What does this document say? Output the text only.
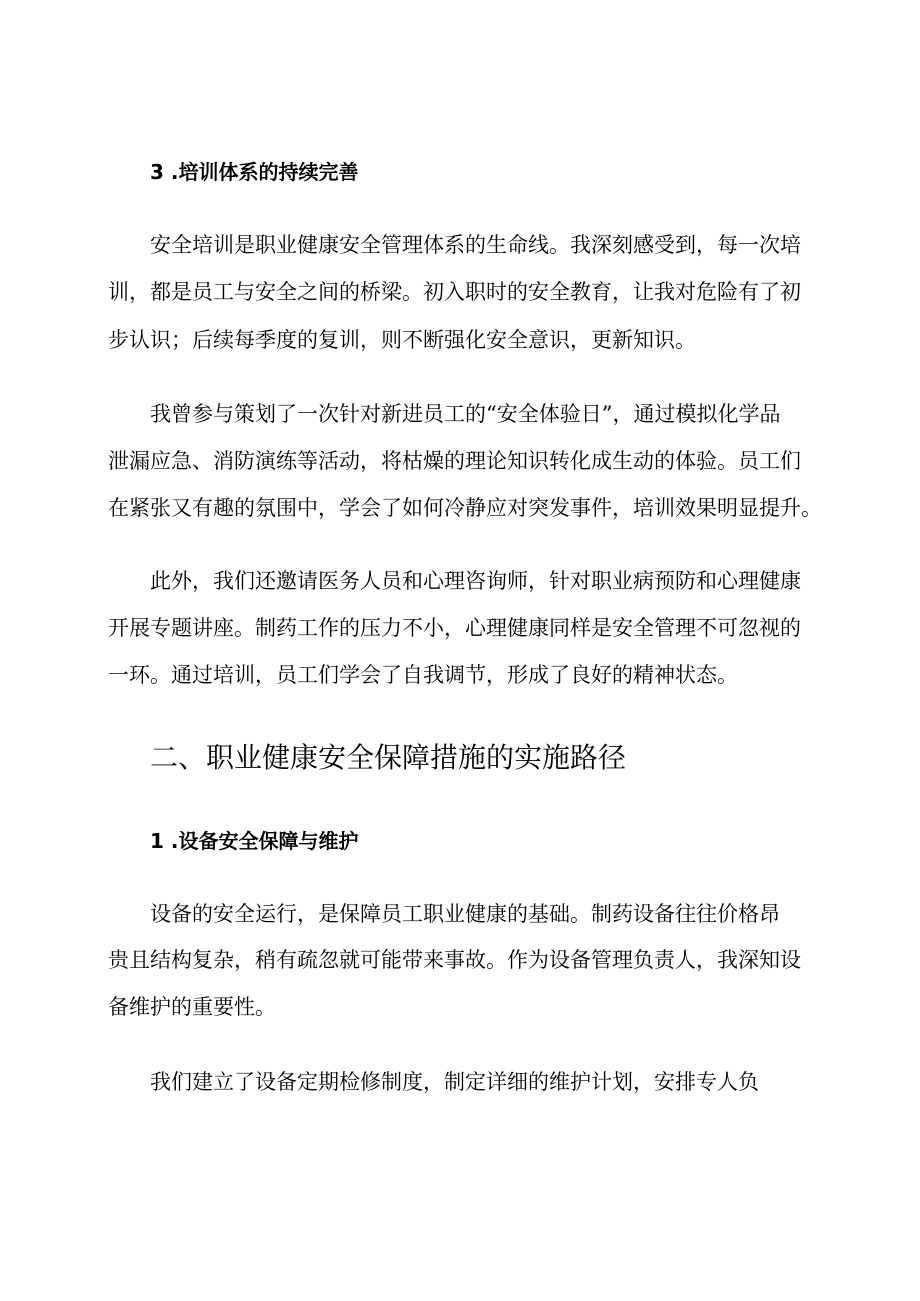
3 .培训体系的持续完善
安全培训是职业健康安全管理体系的生命线。我深刻感受到，每一次培
训，都是员工与安全之间的桥梁。初入职时的安全教育，让我对危险有了初
步认识；后续每季度的复训，则不断强化安全意识，更新知识。
我曾参与策划了一次针对新进员工的“安全体验日”，通过模拟化学品
泄漏应急、消防演练等活动，将枯燥的理论知识转化成生动的体验。员工们
在紧张又有趣的氛围中，学会了如何冷静应对突发事件，培训效果明显提升。
此外，我们还邀请医务人员和心理咨询师，针对职业病预防和心理健康
开展专题讲座。制药工作的压力不小，心理健康同样是安全管理不可忽视的
一环。通过培训，员工们学会了自我调节，形成了良好的精神状态。
二、职业健康安全保障措施的实施路径
1 .设备安全保障与维护
设备的安全运行，是保障员工职业健康的基础。制药设备往往价格昂
贵且结构复杂，稍有疏忽就可能带来事故。作为设备管理负责人，我深知设
备维护的重要性。
我们建立了设备定期检修制度，制定详细的维护计划，安排专人负
